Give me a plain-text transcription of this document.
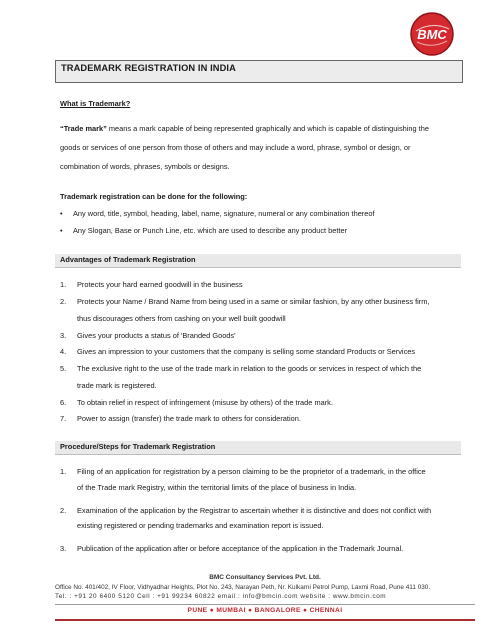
BMC
TRADEMARK REGISTRATION IN INDIA
What is Trademark?
“Trade mark” means a mark capable of being represented graphically and which is capable of distinguishing the
goods or services of one person from those of others and may include a word, phrase, symbol or design, or
combination of words, phrases, symbols or designs.
Trademark registration can be done for the following:
• Any word, title, symbol, heading, label, name, signature, numeral or any combination thereof
• Any Slogan, Base or Punch Line, etc. which are used to describe any product better
Advantages of Trademark Registration
1. Protects your hard earned goodwill in the business
2. Protects your Name / Brand Name from being used in a same or similar fashion, by any other business firm,
thus discourages others from cashing on your well built goodwill
3. Gives your products a status of 'Branded Goods'
4. Gives an impression to your customers that the company is selling some standard Products or Services
5. The exclusive right to the use of the trade mark in relation to the goods or services in respect of which the
trade mark is registered.
6. To obtain relief in respect of infringement (misuse by others) of the trade mark.
7. Power to assign (transfer) the trade mark to others for consideration.
Procedure/Steps for Trademark Registration
1. Filing of an application for registration by a person claiming to be the proprietor of a trademark, in the office
of the Trade mark Registry, within the territorial limits of the place of business in India.
2. Examination of the application by the Registrar to ascertain whether it is distinctive and does not conflict with
existing registered or pending trademarks and examination report is issued.
3. Publication of the application after or before acceptance of the application in the Trademark Journal.
BMC Consultancy Services Pvt. Ltd.
Office No. 401/402, IV Floor, Vidhyadhar Heights, Plot No. 243, Narayan Peth, Nr. Kulkarni Petrol Pump, Laxmi Road, Pune 411 030.
Tel. : +91 20 6400 5120 Cell : +91 99234 60822 email : info@bmcin.com website : www.bmcin.com
PUNE ● MUMBAI ● BANGALORE ● CHENNAI
